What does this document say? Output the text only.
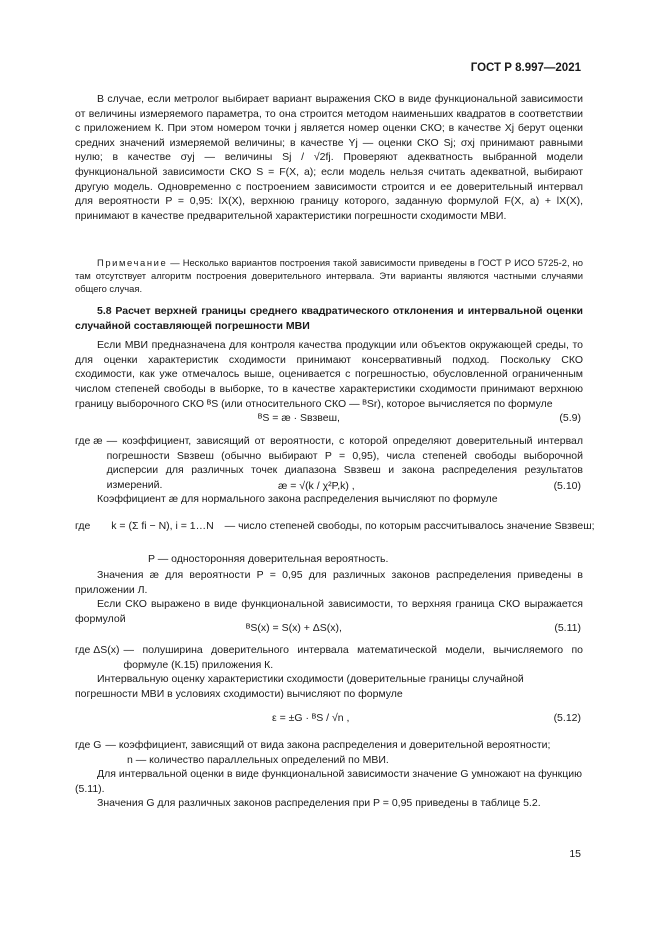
ГОСТ Р 8.997—2021

В случае, если метролог выбирает вариант выражения СКО в виде функциональной зависимости от величины измеряемого параметра, то она строится методом наименьших квадратов в соответствии с приложением К. При этом номером точки j является номер оценки СКО; в качестве Xj берут оценки средних значений измеряемой величины; в качестве Yj — оценки СКО Sj; σxj принимают равными нулю; в качестве σyj — величины Sj / √2fj. Проверяют адекватность выбранной модели функциональной зависимости СКО S = F(X, a); если модель нельзя считать адекватной, выбирают другую модель. Одновременно с построением зависимости строится и ее доверительный интервал для вероятности P = 0,95: lX(X), верхнюю границу которого, заданную формулой F(X, a) + lX(X), принимают в качестве предварительной характеристики погрешности сходимости МВИ.

Примечание — Несколько вариантов построения такой зависимости приведены в ГОСТ Р ИСО 5725-2, но там отсутствует алгоритм построения доверительного интервала. Эти варианты являются частными случаями общего случая.

5.8 Расчет верхней границы среднего квадратического отклонения и интервальной оценки случайной составляющей погрешности МВИ

Если МВИ предназначена для контроля качества продукции или объектов окружающей среды, то для оценки характеристик сходимости принимают консервативный подход. Поскольку СКО сходимости, как уже отмечалось выше, оценивается с погрешностью, обусловленной ограниченным числом степеней свободы в выборке, то в качестве характеристики сходимости принимают верхнюю границу выборочного СКО ᴮS (или относительного СКО — ᴮSr), которое вычисляется по формуле

ᴮS = æ · Sвзвеш,	(5.9)
где æ — коэффициент, зависящий от вероятности, с которой определяют доверительный интервал погрешности Sвзвеш (обычно выбирают P = 0,95), числа степеней свободы выборочной дисперсии для различных точек диапазона Sвзвеш и закона распределения результатов измерений.

Коэффициент æ для нормального закона распределения вычисляют по формуле

æ = √(k / χ²P,k) ,	(5.10)
где k = (Σ fi − N), i = 1…N — число степеней свободы, по которым рассчитывалось значение Sвзвеш;
P — односторонняя доверительная вероятность.

Значения æ для вероятности P = 0,95 для различных законов распределения приведены в приложении Л.

Если СКО выражено в виде функциональной зависимости, то верхняя граница СКО выражается формулой

ᴮS(x) = S(x) + ΔS(x),	(5.11)
где ΔS(x) — полуширина доверительного интервала математической модели, вычисляемого по формуле (К.15) приложения К.

Интервальную оценку характеристики сходимости (доверительные границы случайной погрешности МВИ в условиях сходимости) вычисляют по формуле

ε = ±G · ᴮS / √n ,	(5.12)
где G — коэффициент, зависящий от вида закона распределения и доверительной вероятности;

n — количество параллельных определений по МВИ.

Для интервальной оценки в виде функциональной зависимости значение G умножают на функцию (5.11).

Значения G для различных законов распределения при P = 0,95 приведены в таблице 5.2.

15
